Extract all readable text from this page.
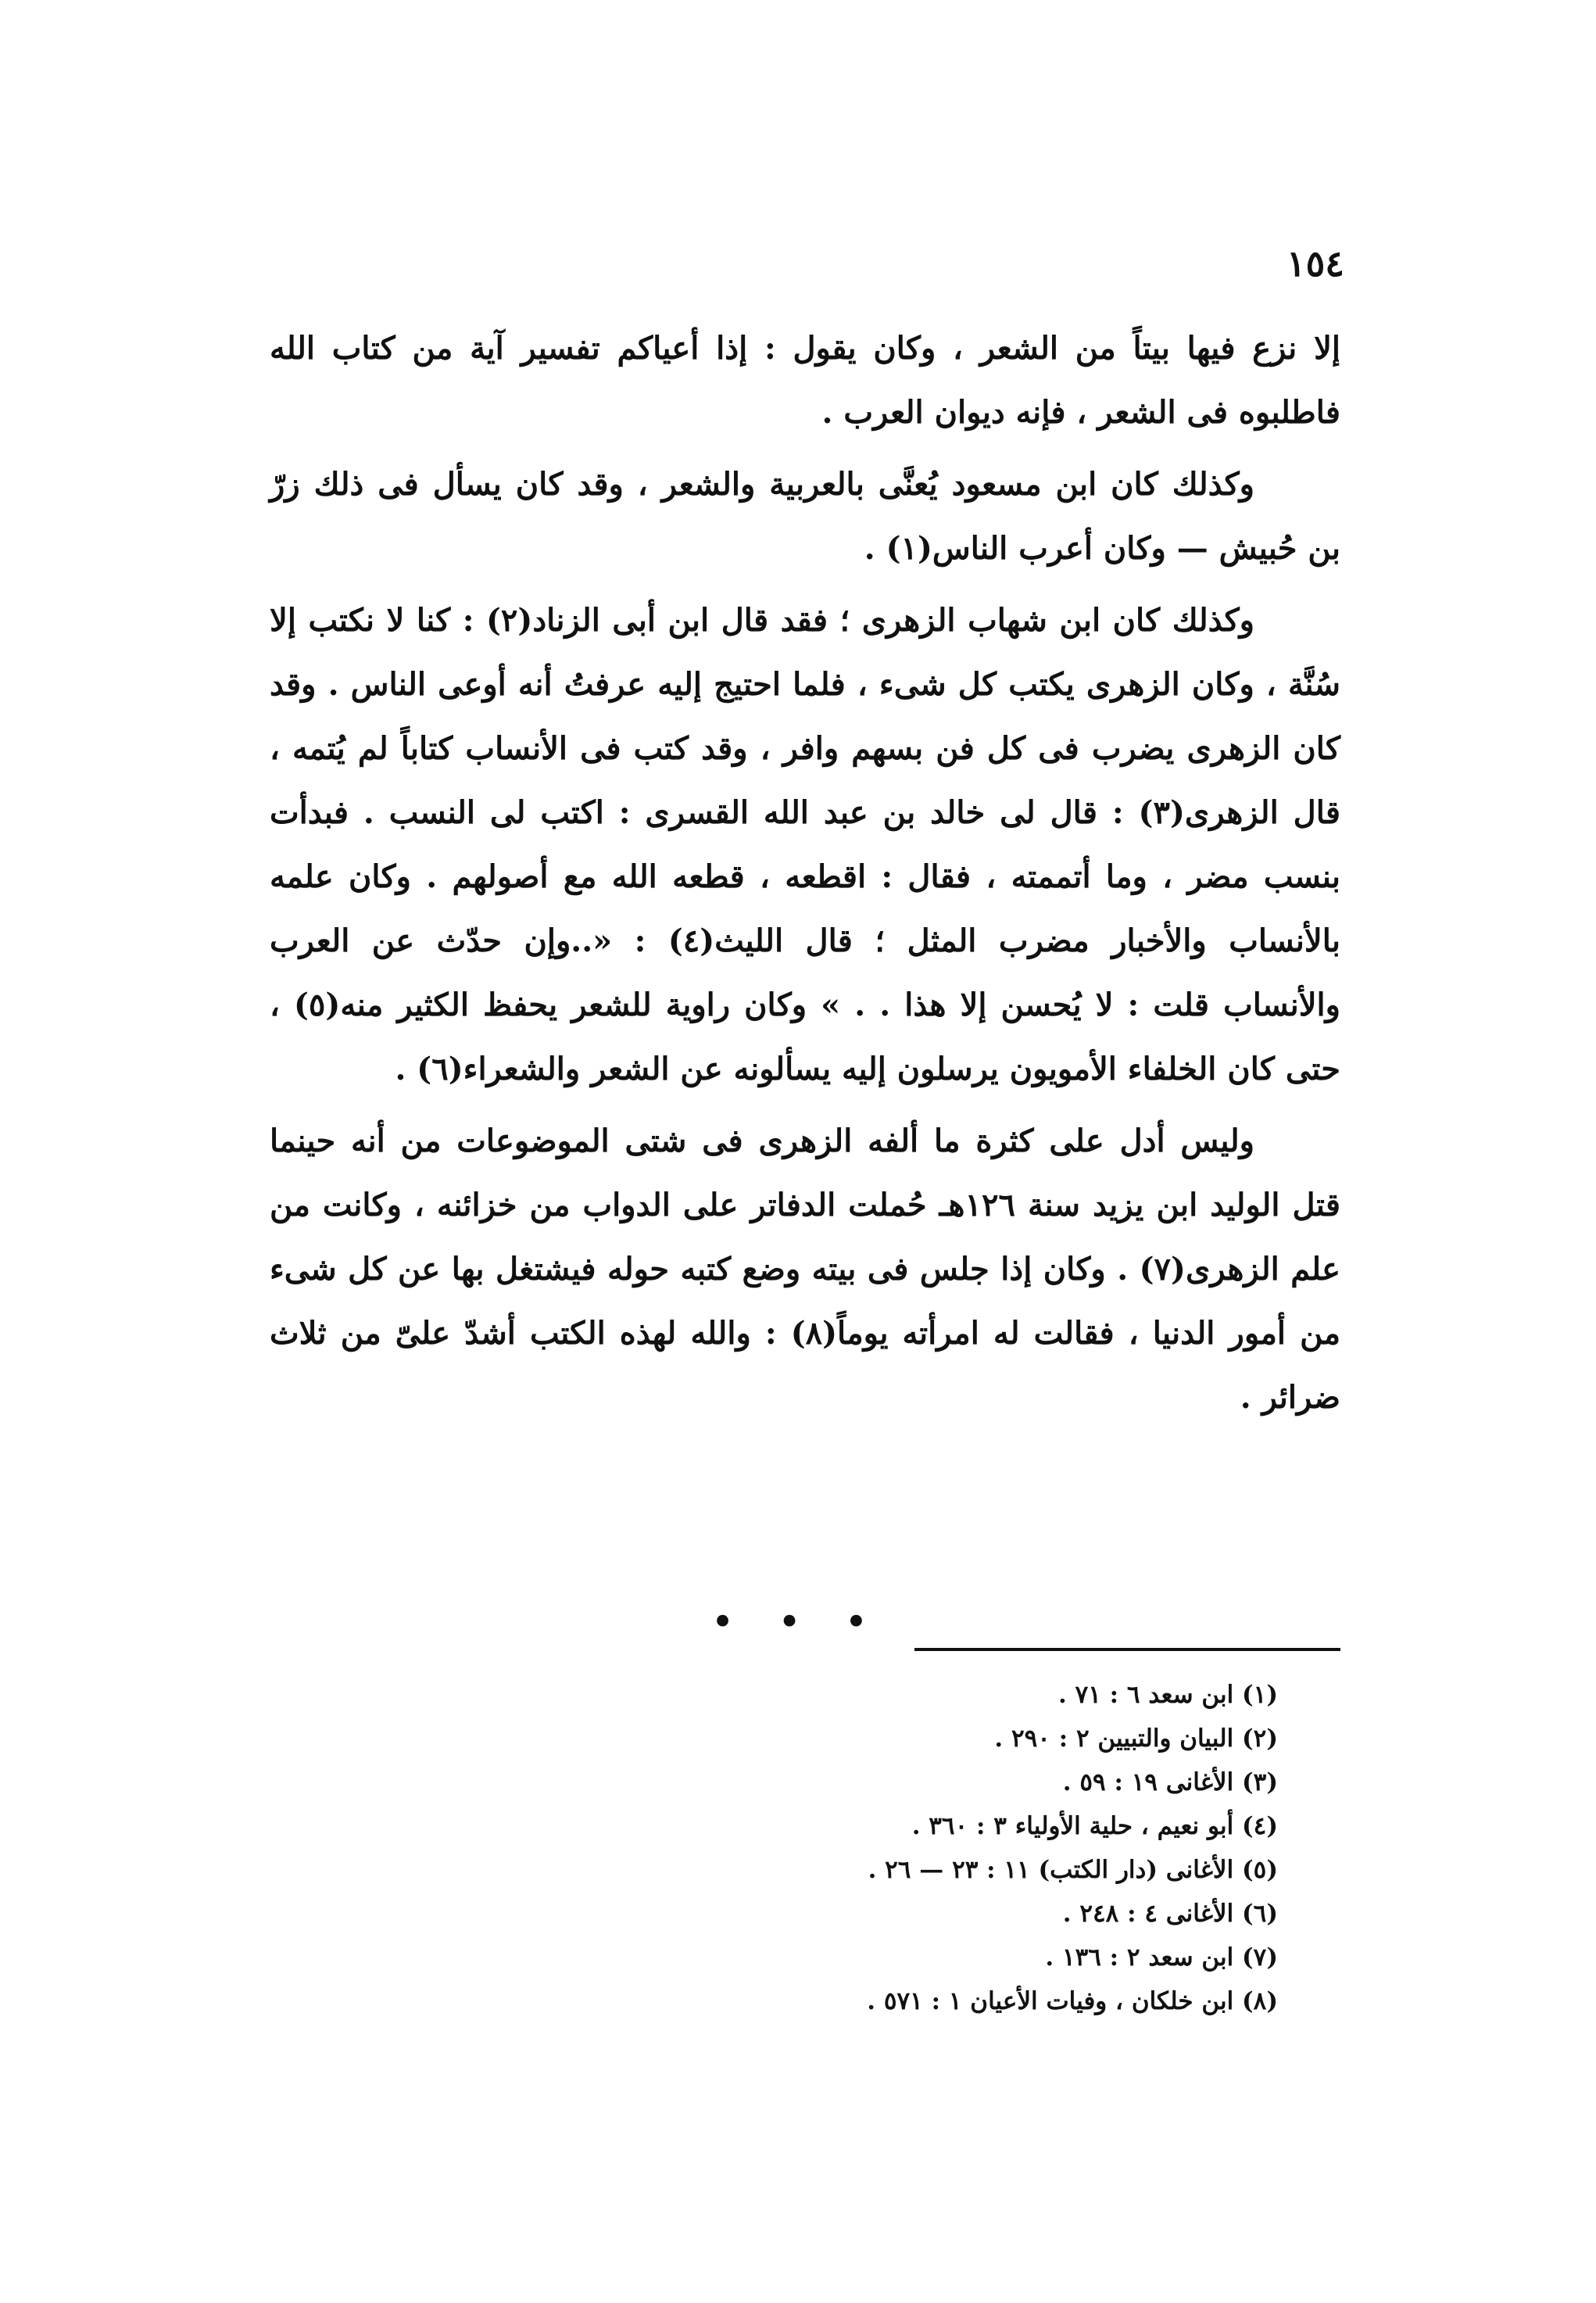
١٥٤

إلا نزع فيها بيتاً من الشعر ، وكان يقول : إذا أعياكم تفسير آية من كتاب الله فاطلبوه فى الشعر ، فإنه ديوان العرب .

وكذلك كان ابن مسعود يُعنَّى بالعربية والشعر ، وقد كان يسأل فى ذلك زرّ بن حُبيش — وكان أعرب الناس(١) .

وكذلك كان ابن شهاب الزهرى ؛ فقد قال ابن أبى الزناد(٢) : كنا لا نكتب إلا سُنَّة ، وكان الزهرى يكتب كل شىء ، فلما احتيج إليه عرفتُ أنه أوعى الناس . وقد كان الزهرى يضرب فى كل فن بسهم وافر ، وقد كتب فى الأنساب كتاباً لم يُتمه ، قال الزهرى(٣) : قال لى خالد بن عبد الله القسرى : اكتب لى النسب . فبدأت بنسب مضر ، وما أتممته ، فقال : اقطعه ، قطعه الله مع أصولهم . وكان علمه بالأنساب والأخبار مضرب المثل ؛ قال الليث(٤) : «..وإن حدّث عن العرب والأنساب قلت : لا يُحسن إلا هذا . . » وكان راوية للشعر يحفظ الكثير منه(٥) ، حتى كان الخلفاء الأمويون يرسلون إليه يسألونه عن الشعر والشعراء(٦) .

وليس أدل على كثرة ما ألفه الزهرى فى شتى الموضوعات من أنه حينما قتل الوليد ابن يزيد سنة ١٢٦هـ حُملت الدفاتر على الدواب من خزائنه ، وكانت من علم الزهرى(٧) . وكان إذا جلس فى بيته وضع كتبه حوله فيشتغل بها عن كل شىء من أمور الدنيا ، فقالت له امرأته يوماً(٨) : والله لهذه الكتب أشدّ علىّ من ثلاث ضرائر .

• • •
(١) ابن سعد ٦ : ٧١ .
(٢) البيان والتبيين ٢ : ٢٩٠ .
(٣) الأغانى ١٩ : ٥٩ .
(٤) أبو نعيم ، حلية الأولياء ٣ : ٣٦٠ .
(٥) الأغانى (دار الكتب) ١١ : ٢٣ — ٢٦ .
(٦) الأغانى ٤ : ٢٤٨ .
(٧) ابن سعد ٢ : ١٣٦ .
(٨) ابن خلكان ، وفيات الأعيان ١ : ٥٧١ .
